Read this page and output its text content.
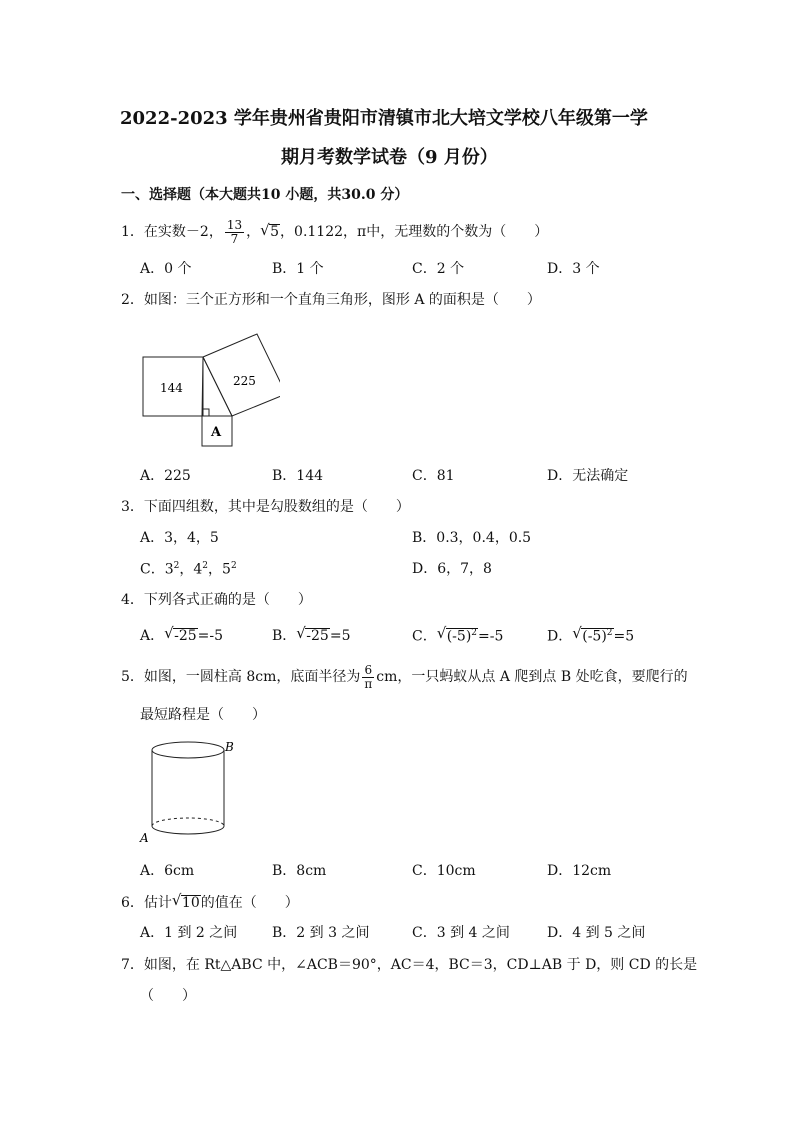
2022-2023 学年贵州省贵阳市清镇市北大培文学校八年级第一学
期月考数学试卷（9 月份）
一、选择题（本大题共10 小题，共30.0 分）
1．在实数－2， $\frac{13}{7}$ ， √ 5，0.1122，π中，无理数的个数为（　　）
A．0 个	B．1 个	C．2 个	D．3 个
2．如图：三个正方形和一个直角三角形，图形 A 的面积是（　　）
144	225
A
A．225	B．144	C．81	D．无法确定
3．下面四组数，其中是勾股数组的是（　　）
A．3，4，5	B．0.3，0.4，0.5
C．$3^2$，$4^2$，$5^2$	D．6，7，8
4．下列各式正确的是（　　）
A． √ -25=-5	B． √ -25=5	C． √ $(-5)^2=-5$	D． √ $(-5)^2=5$
5．如图，一圆柱高 8cm，底面半径为 $\frac{6}{\pi}$ cm，一只蚂蚁从点 A 爬到点 B 处吃食，要爬行的
最短路程是（　　）
B
A
A．6cm	B．8cm	C．10cm	D．12cm
6．估计 √ 10的值在（　　）
A．1 到 2 之间 B．2 到 3 之间	C．3 到 4 之间	D．4 到 5 之间
7．如图，在 Rt△ABC 中，∠ACB＝90°，AC＝4，BC＝3，CD⊥AB 于 D，则 CD 的长是
（　　）
